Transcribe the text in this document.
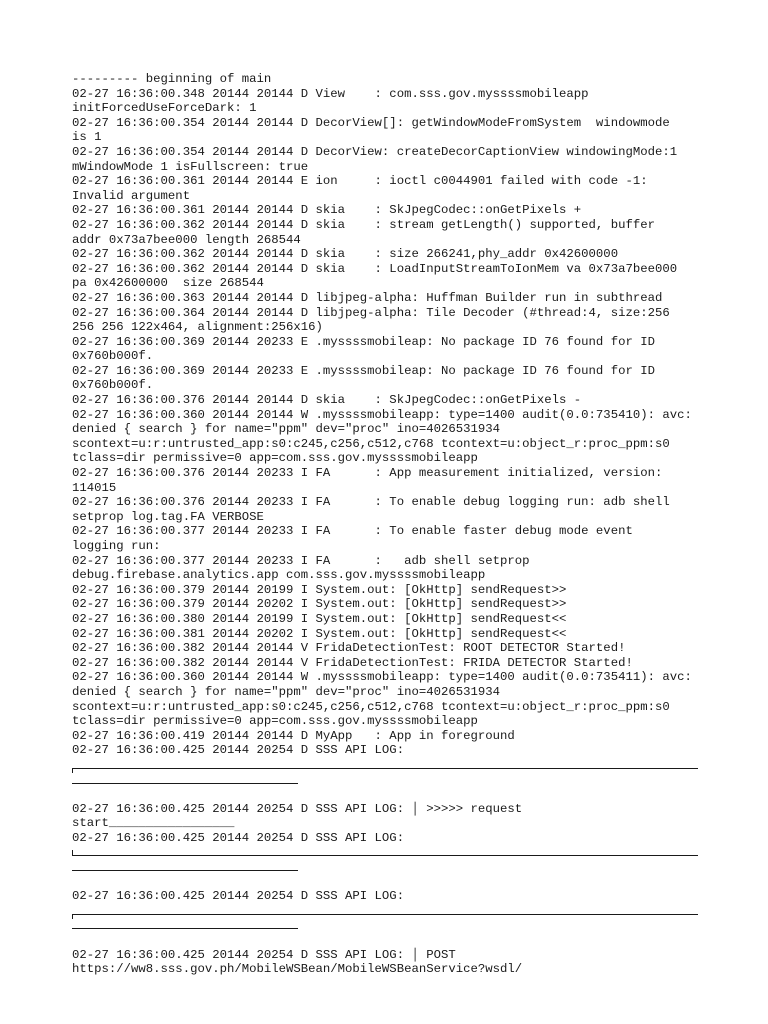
--------- beginning of main
02-27 16:36:00.348 20144 20144 D View    : com.sss.gov.myssssmobileapp
initForcedUseForceDark: 1
02-27 16:36:00.354 20144 20144 D DecorView[]: getWindowModeFromSystem  windowmode
is 1
02-27 16:36:00.354 20144 20144 D DecorView: createDecorCaptionView windowingMode:1
mWindowMode 1 isFullscreen: true
02-27 16:36:00.361 20144 20144 E ion     : ioctl c0044901 failed with code -1:
Invalid argument
02-27 16:36:00.361 20144 20144 D skia    : SkJpegCodec::onGetPixels +
02-27 16:36:00.362 20144 20144 D skia    : stream getLength() supported, buffer
addr 0x73a7bee000 length 268544
02-27 16:36:00.362 20144 20144 D skia    : size 266241,phy_addr 0x42600000
02-27 16:36:00.362 20144 20144 D skia    : LoadInputStreamToIonMem va 0x73a7bee000
pa 0x42600000  size 268544
02-27 16:36:00.363 20144 20144 D libjpeg-alpha: Huffman Builder run in subthread
02-27 16:36:00.364 20144 20144 D libjpeg-alpha: Tile Decoder (#thread:4, size:256
256 256 122x464, alignment:256x16)
02-27 16:36:00.369 20144 20233 E .myssssmobileap: No package ID 76 found for ID
0x760b000f.
02-27 16:36:00.369 20144 20233 E .myssssmobileap: No package ID 76 found for ID
0x760b000f.
02-27 16:36:00.376 20144 20144 D skia    : SkJpegCodec::onGetPixels -
02-27 16:36:00.360 20144 20144 W .myssssmobileapp: type=1400 audit(0.0:735410): avc:
denied { search } for name="ppm" dev="proc" ino=4026531934
scontext=u:r:untrusted_app:s0:c245,c256,c512,c768 tcontext=u:object_r:proc_ppm:s0
tclass=dir permissive=0 app=com.sss.gov.myssssmobileapp
02-27 16:36:00.376 20144 20233 I FA      : App measurement initialized, version:
114015
02-27 16:36:00.376 20144 20233 I FA      : To enable debug logging run: adb shell
setprop log.tag.FA VERBOSE
02-27 16:36:00.377 20144 20233 I FA      : To enable faster debug mode event
logging run:
02-27 16:36:00.377 20144 20233 I FA      :   adb shell setprop
debug.firebase.analytics.app com.sss.gov.myssssmobileapp
02-27 16:36:00.379 20144 20199 I System.out: [OkHttp] sendRequest>>
02-27 16:36:00.379 20144 20202 I System.out: [OkHttp] sendRequest>>
02-27 16:36:00.380 20144 20199 I System.out: [OkHttp] sendRequest<<
02-27 16:36:00.381 20144 20202 I System.out: [OkHttp] sendRequest<<
02-27 16:36:00.382 20144 20144 V FridaDetectionTest: ROOT DETECTOR Started!
02-27 16:36:00.382 20144 20144 V FridaDetectionTest: FRIDA DETECTOR Started!
02-27 16:36:00.360 20144 20144 W .myssssmobileapp: type=1400 audit(0.0:735411): avc:
denied { search } for name="ppm" dev="proc" ino=4026531934
scontext=u:r:untrusted_app:s0:c245,c256,c512,c768 tcontext=u:object_r:proc_ppm:s0
tclass=dir permissive=0 app=com.sss.gov.myssssmobileapp
02-27 16:36:00.419 20144 20144 D MyApp   : App in foreground
02-27 16:36:00.425 20144 20254 D SSS API LOG:
02-27 16:36:00.425 20144 20254 D SSS API LOG: │ >>>>> request
start_________________
02-27 16:36:00.425 20144 20254 D SSS API LOG:
02-27 16:36:00.425 20144 20254 D SSS API LOG:
02-27 16:36:00.425 20144 20254 D SSS API LOG: │ POST
https://ww8.sss.gov.ph/MobileWSBean/MobileWSBeanService?wsdl/
